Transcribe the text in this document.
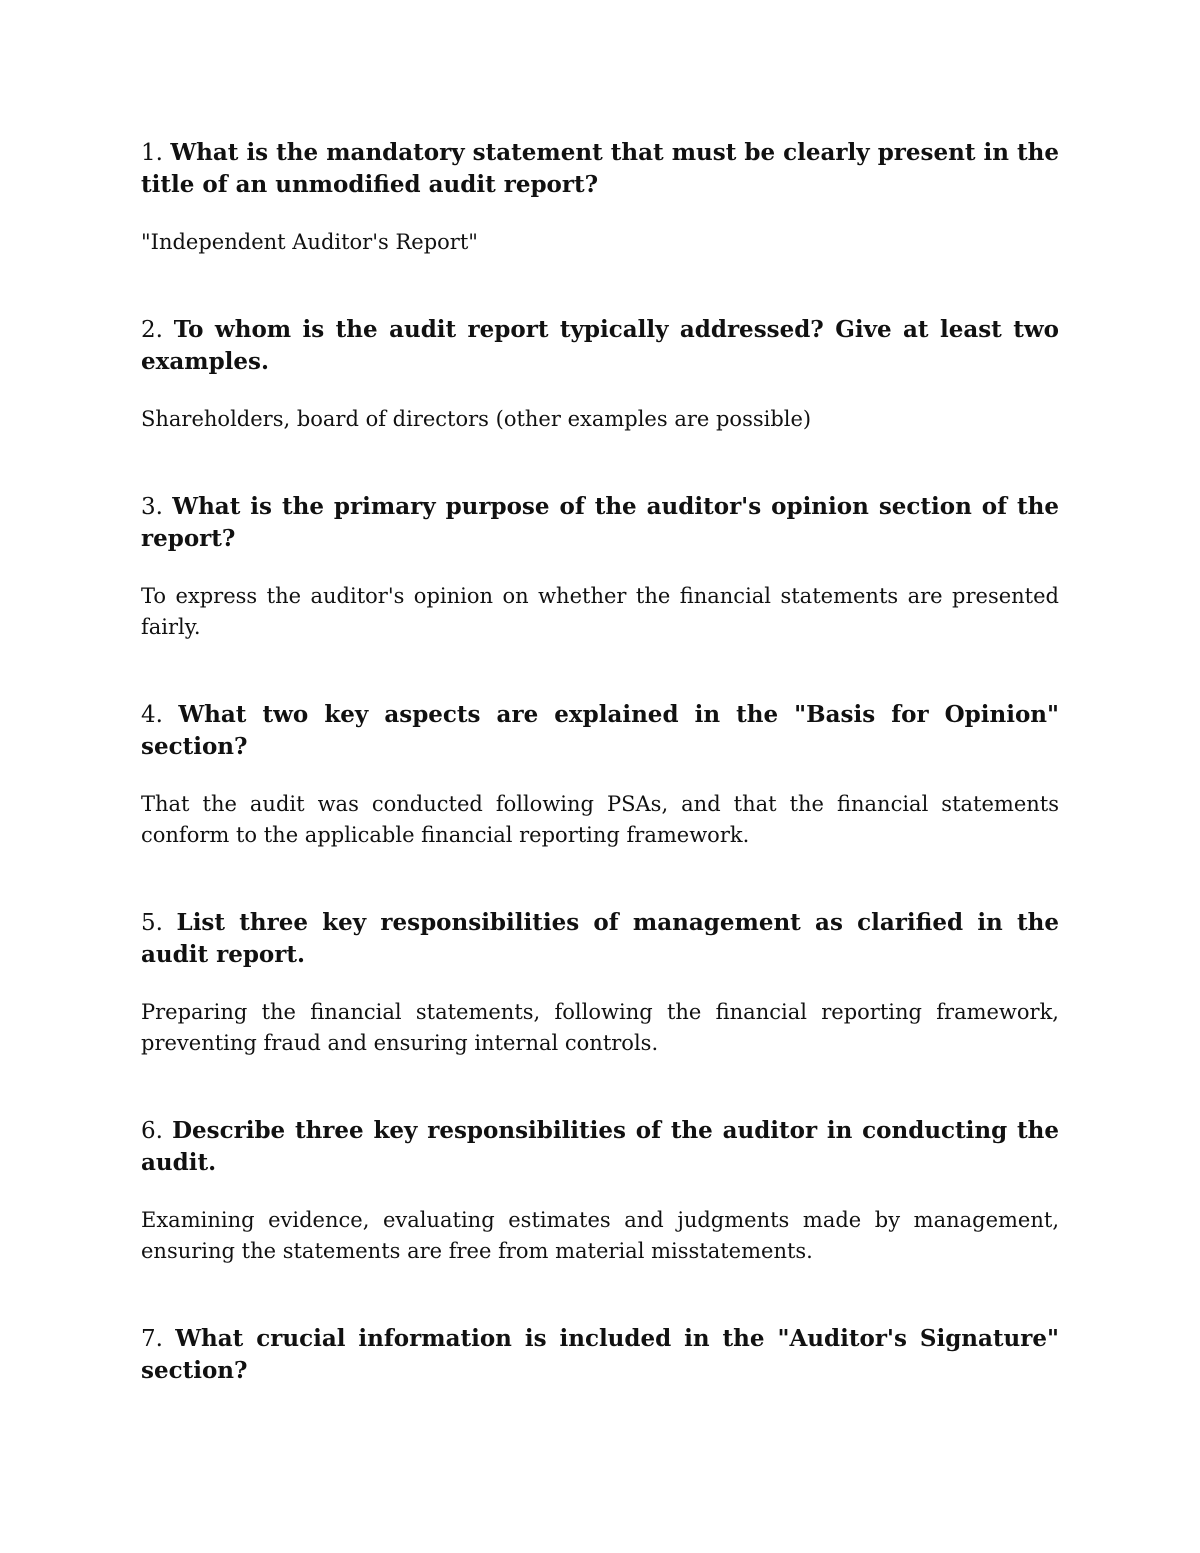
1. What is the mandatory statement that must be clearly present in the title of an unmodified audit report?

"Independent Auditor's Report"

2. To whom is the audit report typically addressed? Give at least two examples.

Shareholders, board of directors (other examples are possible)

3. What is the primary purpose of the auditor's opinion section of the report?

To express the auditor's opinion on whether the financial statements are presented fairly.

4. What two key aspects are explained in the "Basis for Opinion" section?

That the audit was conducted following PSAs, and that the financial statements conform to the applicable financial reporting framework.

5. List three key responsibilities of management as clarified in the audit report.

Preparing the financial statements, following the financial reporting framework, preventing fraud and ensuring internal controls.

6. Describe three key responsibilities of the auditor in conducting the audit.

Examining evidence, evaluating estimates and judgments made by management, ensuring the statements are free from material misstatements.

7. What crucial information is included in the "Auditor's Signature" section?
